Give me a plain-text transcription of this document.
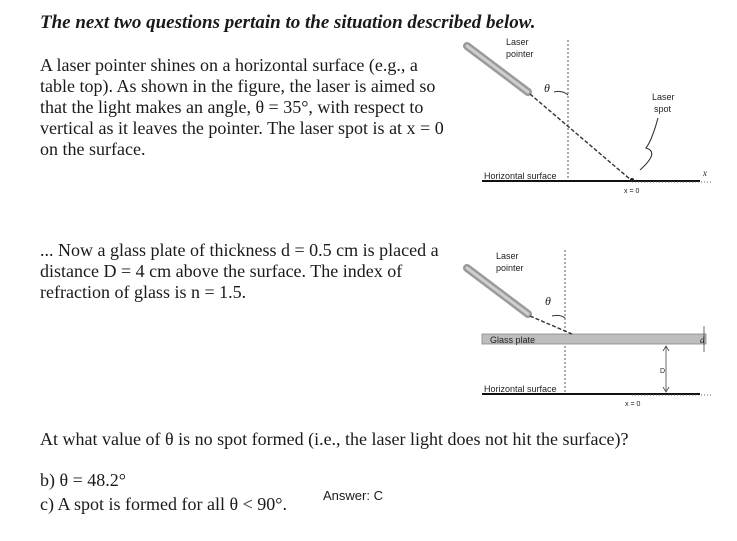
The next two questions pertain to the situation described below.
A laser pointer shines on a horizontal surface (e.g., a
table top). As shown in the figure, the laser is aimed so
that the light makes an angle, θ = 35°, with respect to
vertical as it leaves the pointer. The laser spot is at x = 0
on the surface.
... Now a glass plate of thickness d = 0.5 cm is placed a
distance D = 4 cm above the surface. The index of
refraction of glass is n = 1.5.
At what value of θ is no spot formed (i.e., the laser light does not hit the surface)?
b) θ = 48.2°
c) A spot is formed for all θ < 90°.	Answer: C
Laser
pointer
θ
Laser
spot
Horizontal surface
x = 0
x
Laser
pointer
θ
Glass plate
Horizontal surface
x = 0
d
D
